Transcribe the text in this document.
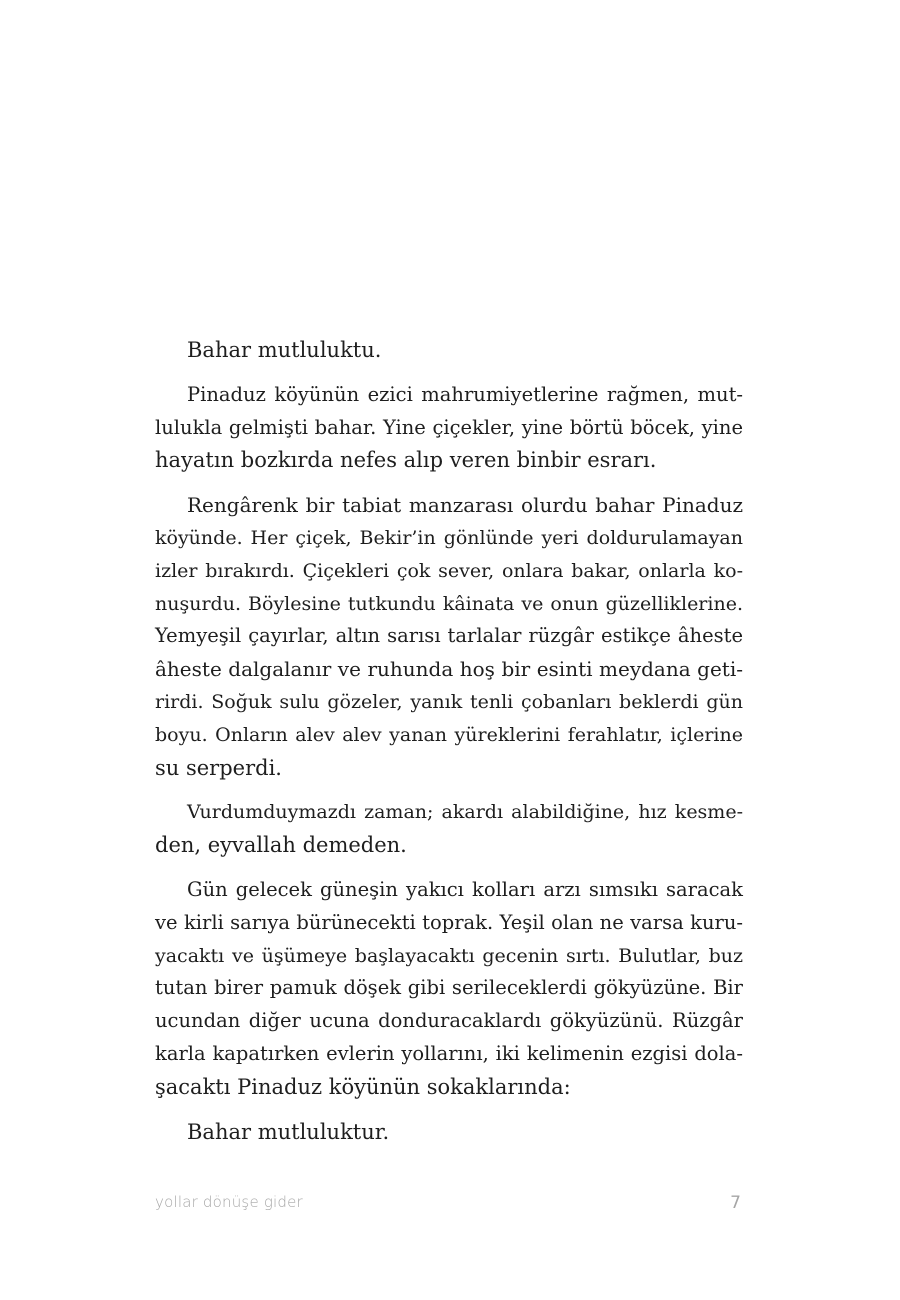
Bahar mutluluktu.

Pinaduz köyünün ezici mahrumiyetlerine rağmen, mut-
lulukla gelmişti bahar. Yine çiçekler, yine börtü böcek, yine
hayatın bozkırda nefes alıp veren binbir esrarı.

Rengârenk bir tabiat manzarası olurdu bahar Pinaduz
köyünde. Her çiçek, Bekir’in gönlünde yeri doldurulamayan
izler bırakırdı. Çiçekleri çok sever, onlara bakar, onlarla ko-
nuşurdu. Böylesine tutkundu kâinata ve onun güzelliklerine.
Yemyeşil çayırlar, altın sarısı tarlalar rüzgâr estikçe âheste
âheste dalgalanır ve ruhunda hoş bir esinti meydana geti-
rirdi. Soğuk sulu gözeler, yanık tenli çobanları beklerdi gün
boyu. Onların alev alev yanan yüreklerini ferahlatır, içlerine
su serperdi.

Vurdumduymazdı zaman; akardı alabildiğine, hız kesme-
den, eyvallah demeden.

Gün gelecek güneşin yakıcı kolları arzı sımsıkı saracak
ve kirli sarıya bürünecekti toprak. Yeşil olan ne varsa kuru-
yacaktı ve üşümeye başlayacaktı gecenin sırtı. Bulutlar, buz
tutan birer pamuk döşek gibi serileceklerdi gökyüzüne. Bir
ucundan diğer ucuna donduracaklardı gökyüzünü. Rüzgâr
karla kapatırken evlerin yollarını, iki kelimenin ezgisi dola-
şacaktı Pinaduz köyünün sokaklarında:

Bahar mutluluktur.

yollar dönüşe gider	7
